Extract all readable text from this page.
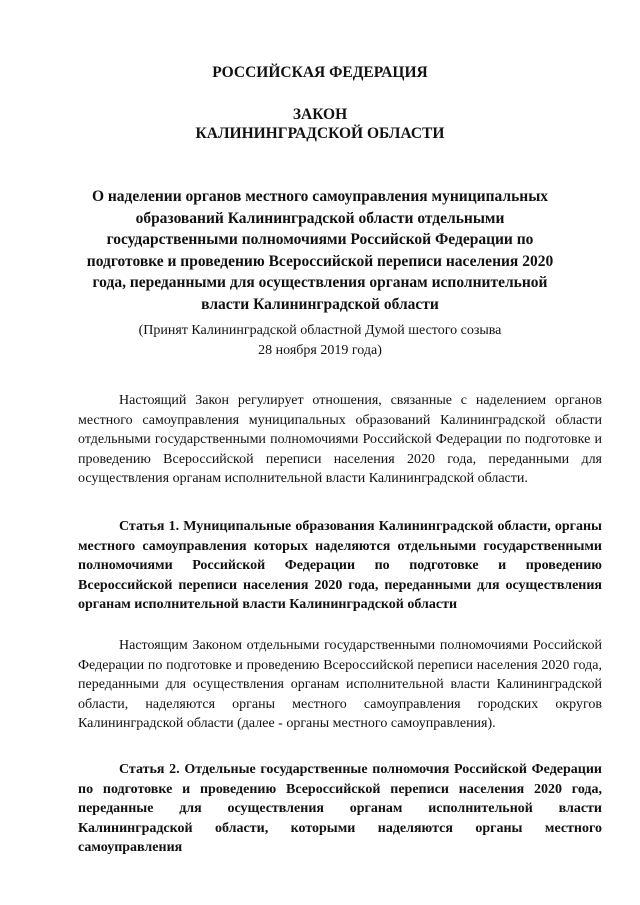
РОССИЙСКАЯ ФЕДЕРАЦИЯ
ЗАКОН
КАЛИНИНГРАДСКОЙ ОБЛАСТИ
О наделении органов местного самоуправления муниципальных образований Калининградской области отдельными государственными полномочиями Российской Федерации по подготовке и проведению Всероссийской переписи населения 2020 года, переданными для осуществления органам исполнительной власти Калининградской области
(Принят Калининградской областной Думой шестого созыва
28 ноября 2019 года)

Настоящий Закон регулирует отношения, связанные с наделением органов местного самоуправления муниципальных образований Калининградской области отдельными государственными полномочиями Российской Федерации по подготовке и проведению Всероссийской переписи населения 2020 года, переданными для осуществления органам исполнительной власти Калининградской области.

Статья 1. Муниципальные образования Калининградской области, органы местного самоуправления которых наделяются отдельными государственными полномочиями Российской Федерации по подготовке и проведению Всероссийской переписи населения 2020 года, переданными для осуществления органам исполнительной власти Калининградской области

Настоящим Законом отдельными государственными полномочиями Российской Федерации по подготовке и проведению Всероссийской переписи населения 2020 года, переданными для осуществления органам исполнительной власти Калининградской области, наделяются органы местного самоуправления городских округов Калининградской области (далее - органы местного самоуправления).

Статья 2. Отдельные государственные полномочия Российской Федерации по подготовке и проведению Всероссийской переписи населения 2020 года, переданные для осуществления органам исполнительной власти Калининградской области, которыми наделяются органы местного самоуправления
